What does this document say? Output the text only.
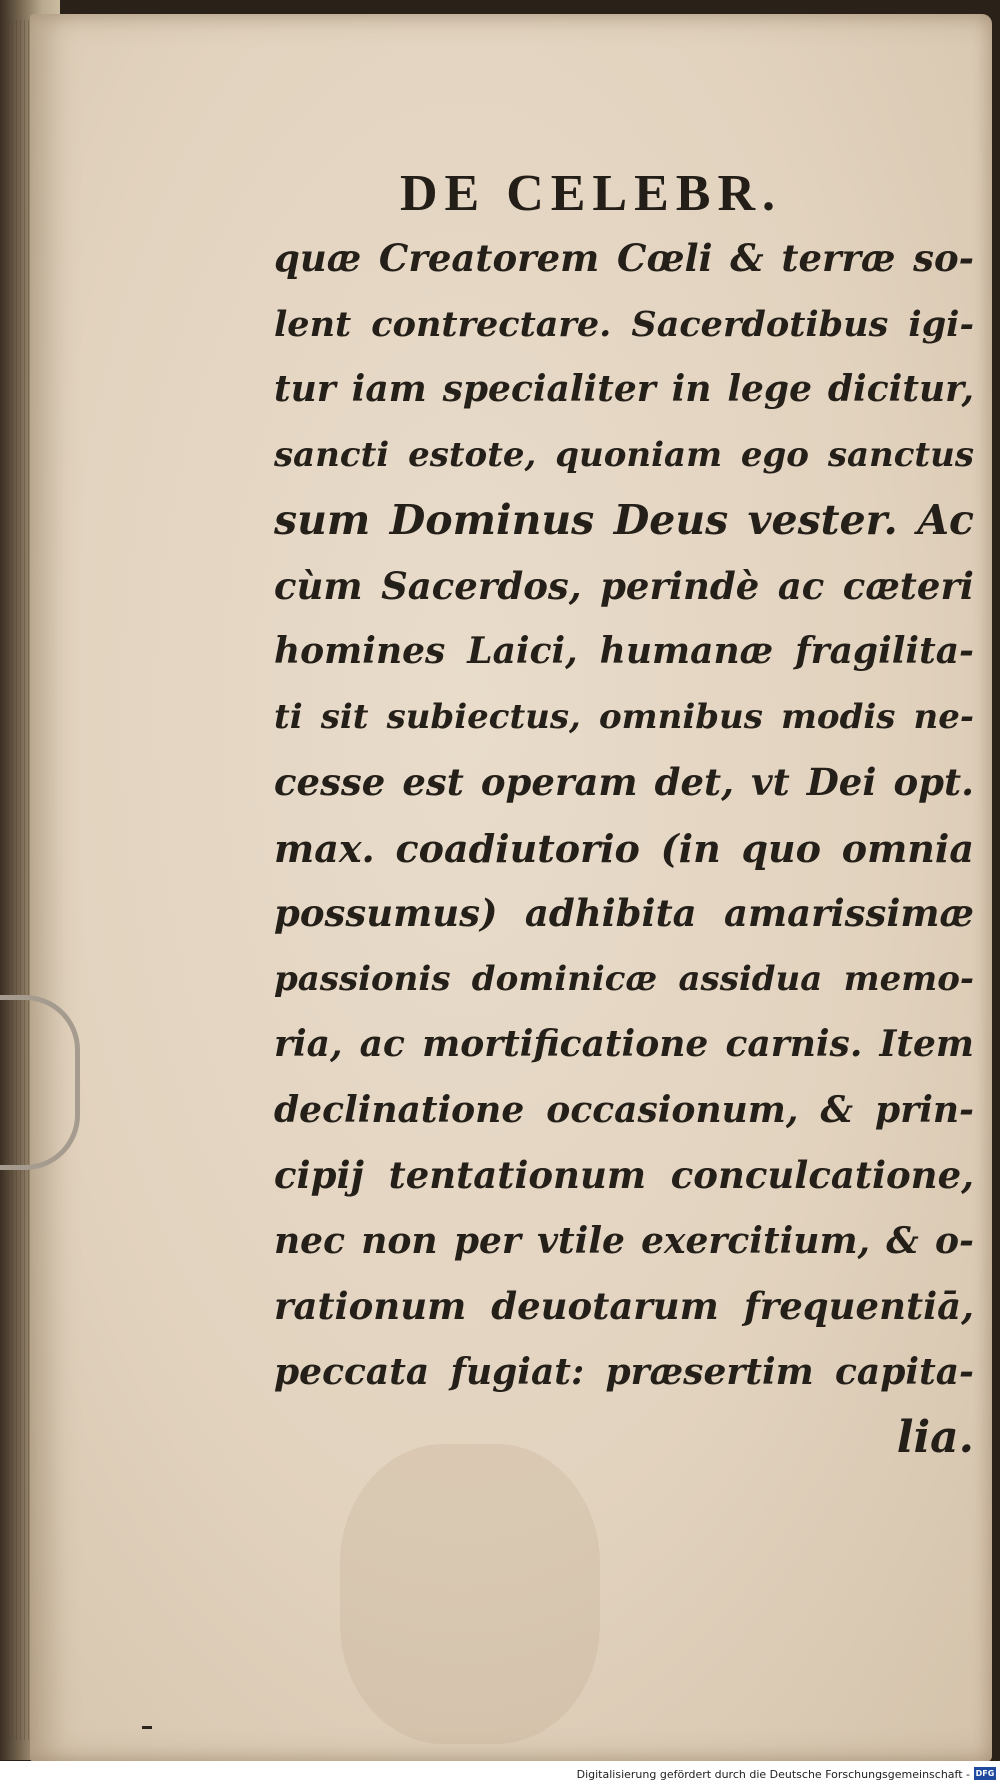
DE CELEBR.
quæ Creatorem Cœli & terræ so-
lent contrectare. Sacerdotibus igi-
tur iam specialiter in lege dicitur,
sancti estote, quoniam ego sanctus
sum Dominus Deus vester. Ac
cùm Sacerdos, perindè ac cæteri
homines Laici, humanæ fragilita-
ti sit subiectus, omnibus modis ne-
cesse est operam det, vt Dei opt.
max. coadiutorio (in quo omnia
possumus) adhibita amarissimæ
passionis dominicæ assidua memo-
ria, ac mortificatione carnis. Item
declinatione occasionum, & prin-
cipij tentationum conculcatione,
nec non per vtile exercitium, & o-
rationum deuotarum frequentiā,
peccata fugiat: præsertim capita-
lia.
Digitalisierung gefördert durch die Deutsche Forschungsgemeinschaft - DFG
